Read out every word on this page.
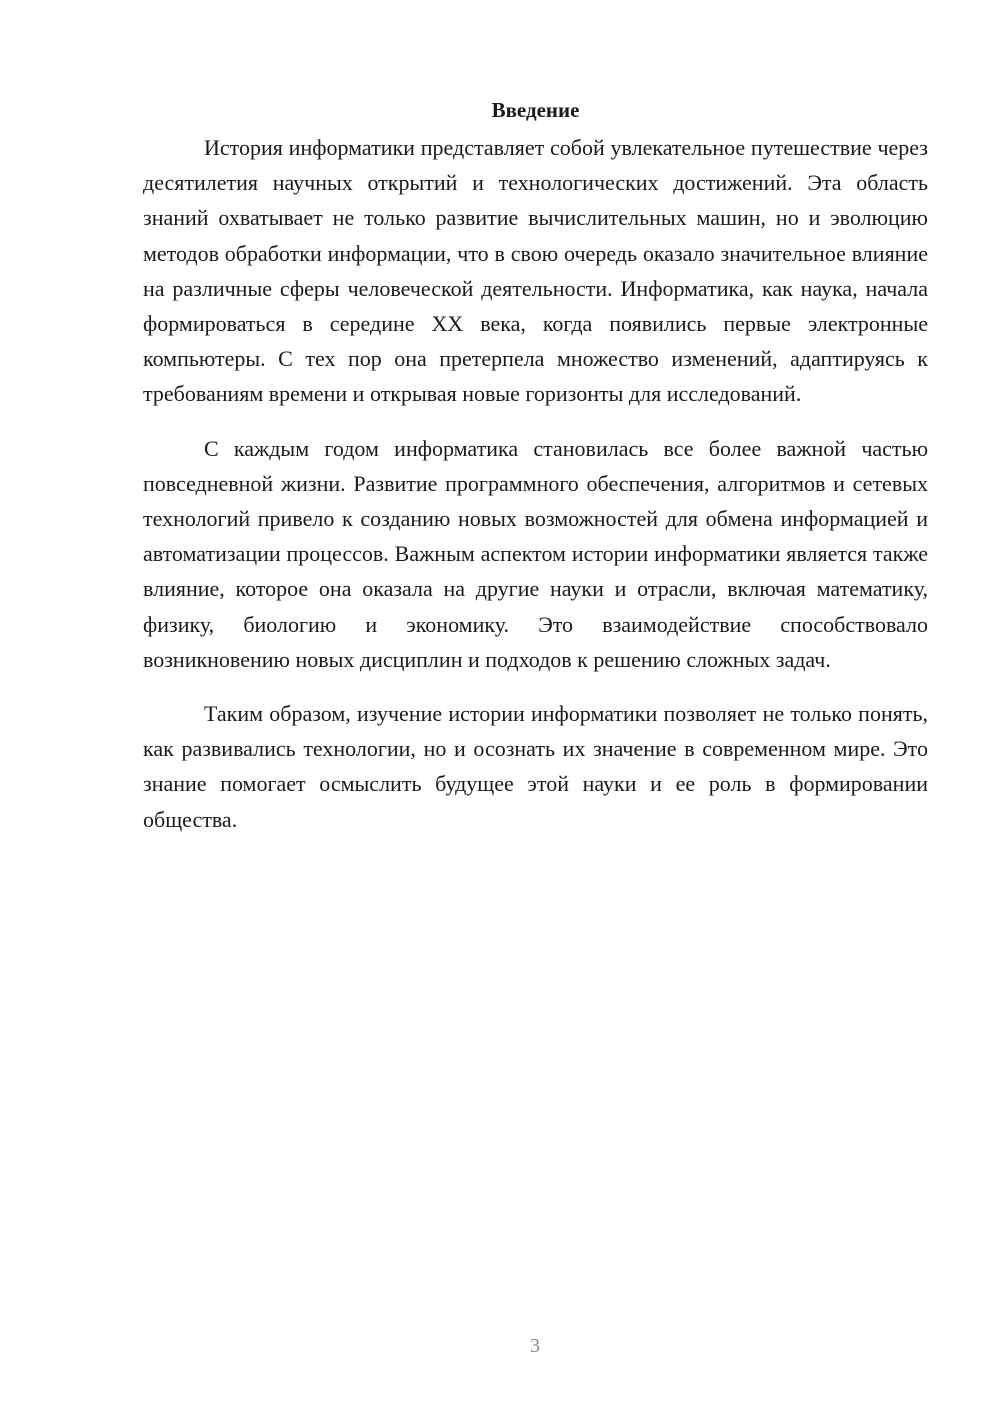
Введение

История информатики представляет собой увлекательное путешествие через десятилетия научных открытий и технологических достижений. Эта область знаний охватывает не только развитие вычислительных машин, но и эволюцию методов обработки информации, что в свою очередь оказало значительное влияние на различные сферы человеческой деятельности. Информатика, как наука, начала формироваться в середине XX века, когда появились первые электронные компьютеры. С тех пор она претерпела множество изменений, адаптируясь к требованиям времени и открывая новые горизонты для исследований.

С каждым годом информатика становилась все более важной частью повседневной жизни. Развитие программного обеспечения, алгоритмов и сетевых технологий привело к созданию новых возможностей для обмена информацией и автоматизации процессов. Важным аспектом истории информатики является также влияние, которое она оказала на другие науки и отрасли, включая математику, физику, биологию и экономику. Это взаимодействие способствовало возникновению новых дисциплин и подходов к решению сложных задач.

Таким образом, изучение истории информатики позволяет не только понять, как развивались технологии, но и осознать их значение в современном мире. Это знание помогает осмыслить будущее этой науки и ее роль в формировании общества.

3
